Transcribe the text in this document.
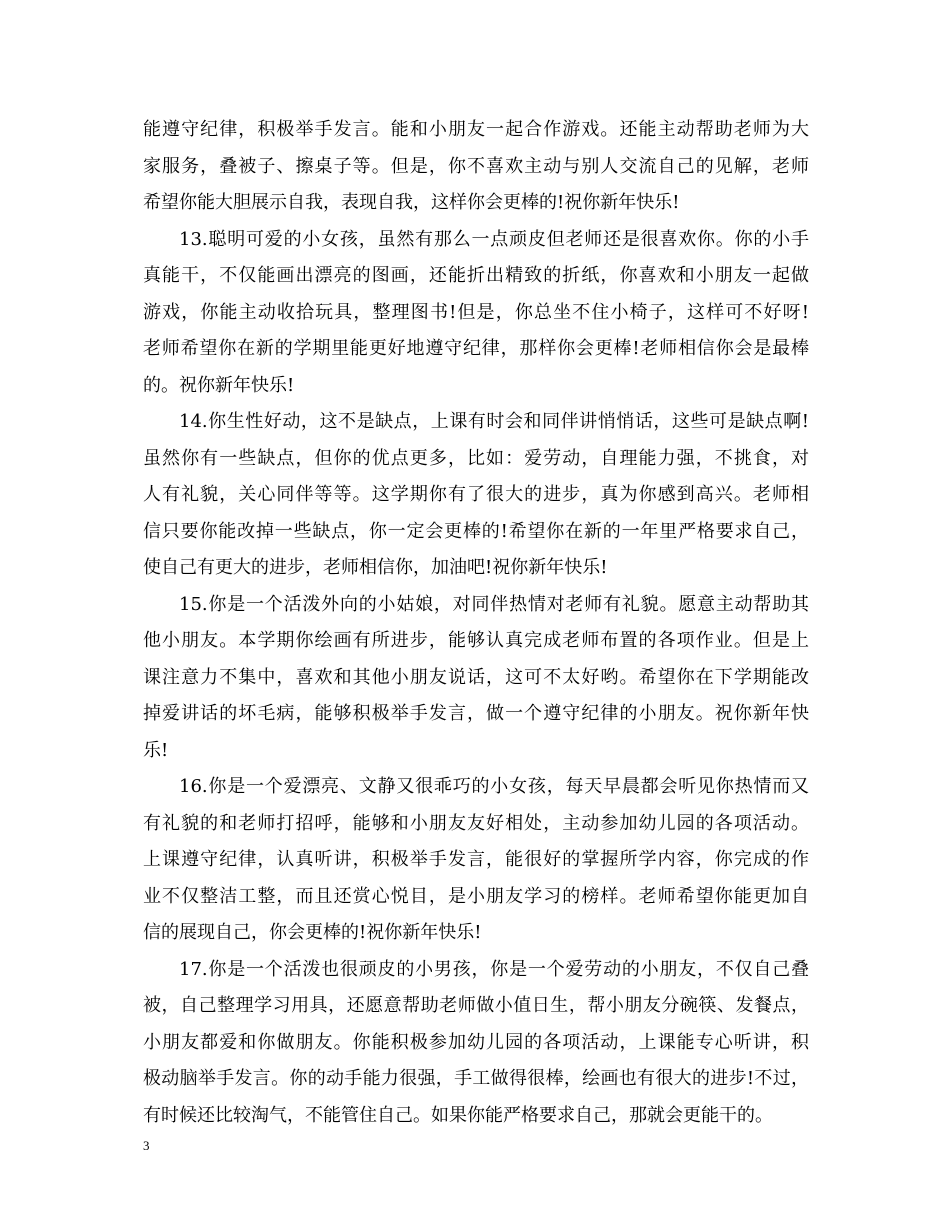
能遵守纪律，积极举手发言。能和小朋友一起合作游戏。还能主动帮助老师为大
家服务，叠被子、擦桌子等。但是，你不喜欢主动与别人交流自己的见解，老师
希望你能大胆展示自我，表现自我，这样你会更棒的!祝你新年快乐!
13.聪明可爱的小女孩，虽然有那么一点顽皮但老师还是很喜欢你。你的小手
真能干，不仅能画出漂亮的图画，还能折出精致的折纸，你喜欢和小朋友一起做
游戏，你能主动收拾玩具，整理图书!但是，你总坐不住小椅子，这样可不好呀!
老师希望你在新的学期里能更好地遵守纪律，那样你会更棒!老师相信你会是最棒
的。祝你新年快乐!
14.你生性好动，这不是缺点，上课有时会和同伴讲悄悄话，这些可是缺点啊!
虽然你有一些缺点，但你的优点更多，比如：爱劳动，自理能力强，不挑食，对
人有礼貌，关心同伴等等。这学期你有了很大的进步，真为你感到高兴。老师相
信只要你能改掉一些缺点，你一定会更棒的!希望你在新的一年里严格要求自己，
使自己有更大的进步，老师相信你，加油吧!祝你新年快乐!
15.你是一个活泼外向的小姑娘，对同伴热情对老师有礼貌。愿意主动帮助其
他小朋友。本学期你绘画有所进步，能够认真完成老师布置的各项作业。但是上
课注意力不集中，喜欢和其他小朋友说话，这可不太好哟。希望你在下学期能改
掉爱讲话的坏毛病，能够积极举手发言，做一个遵守纪律的小朋友。祝你新年快
乐!
16.你是一个爱漂亮、文静又很乖巧的小女孩，每天早晨都会听见你热情而又
有礼貌的和老师打招呼，能够和小朋友友好相处，主动参加幼儿园的各项活动。
上课遵守纪律，认真听讲，积极举手发言，能很好的掌握所学内容，你完成的作
业不仅整洁工整，而且还赏心悦目，是小朋友学习的榜样。老师希望你能更加自
信的展现自己，你会更棒的!祝你新年快乐!
17.你是一个活泼也很顽皮的小男孩，你是一个爱劳动的小朋友，不仅自己叠
被，自己整理学习用具，还愿意帮助老师做小值日生，帮小朋友分碗筷、发餐点，
小朋友都爱和你做朋友。你能积极参加幼儿园的各项活动，上课能专心听讲，积
极动脑举手发言。你的动手能力很强，手工做得很棒，绘画也有很大的进步!不过，
有时候还比较淘气，不能管住自己。如果你能严格要求自己，那就会更能干的。
3
